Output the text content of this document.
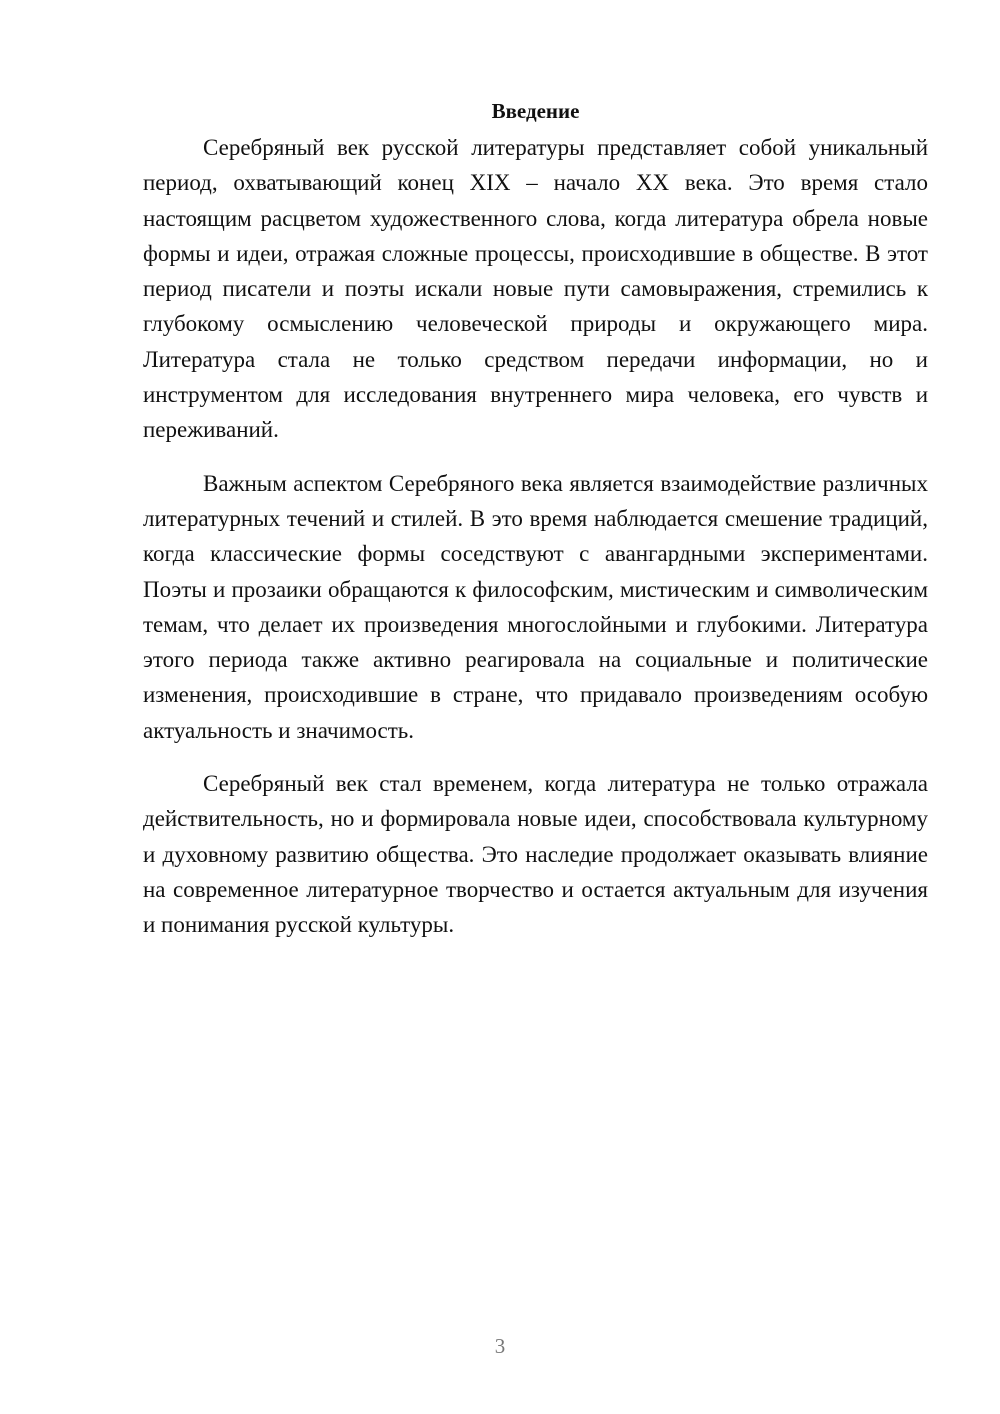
Введение

Серебряный век русской литературы представляет собой уникальный период, охватывающий конец XIX – начало XX века. Это время стало настоящим расцветом художественного слова, когда литература обрела новые формы и идеи, отражая сложные процессы, происходившие в обществе. В этот период писатели и поэты искали новые пути самовыражения, стремились к глубокому осмыслению человеческой природы и окружающего мира. Литература стала не только средством передачи информации, но и инструментом для исследования внутреннего мира человека, его чувств и переживаний.

Важным аспектом Серебряного века является взаимодействие различных литературных течений и стилей. В это время наблюдается смешение традиций, когда классические формы соседствуют с авангардными экспериментами. Поэты и прозаики обращаются к философским, мистическим и символическим темам, что делает их произведения многослойными и глубокими. Литература этого периода также активно реагировала на социальные и политические изменения, происходившие в стране, что придавало произведениям особую актуальность и значимость.

Серебряный век стал временем, когда литература не только отражала действительность, но и формировала новые идеи, способствовала культурному и духовному развитию общества. Это наследие продолжает оказывать влияние на современное литературное творчество и остается актуальным для изучения и понимания русской культуры.

3
